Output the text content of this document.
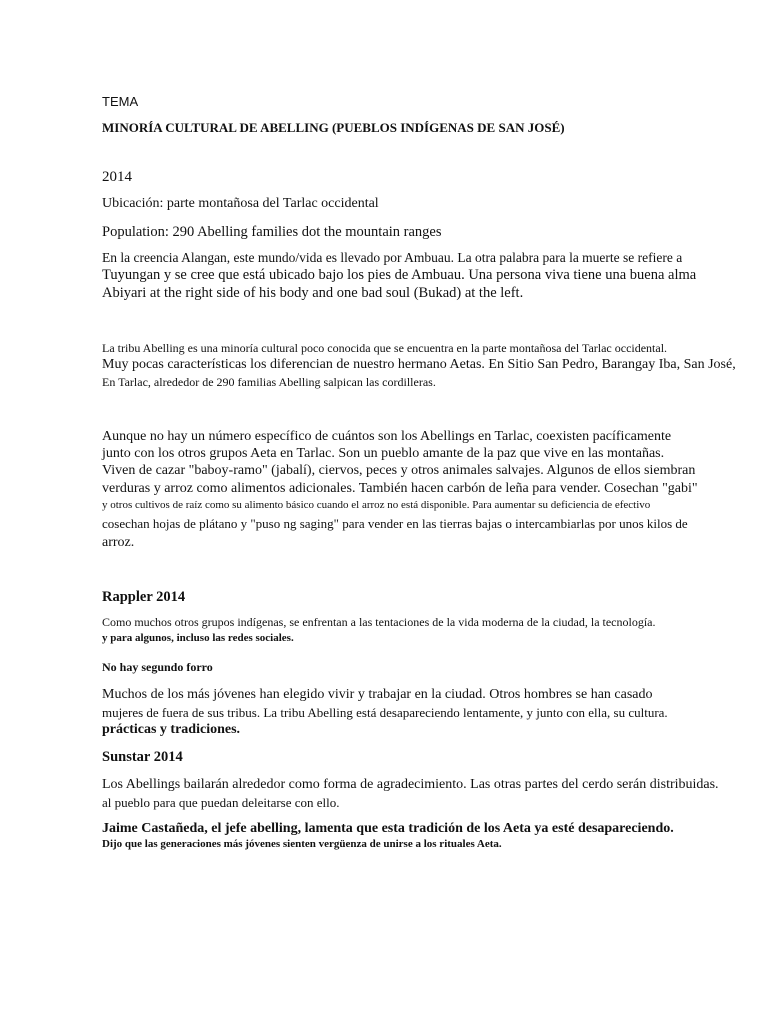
TEMA

MINORÍA CULTURAL DE ABELLING (PUEBLOS INDÍGENAS DE SAN JOSÉ)

2014

Ubicación: parte montañosa del Tarlac occidental

Population: 290 Abelling families dot the mountain ranges

En la creencia Alangan, este mundo/vida es llevado por Ambuau. La otra palabra para la muerte se refiere a

Tuyungan y se cree que está ubicado bajo los pies de Ambuau. Una persona viva tiene una buena alma

Abiyari at the right side of his body and one bad soul (Bukad) at the left.

La tribu Abelling es una minoría cultural poco conocida que se encuentra en la parte montañosa del Tarlac occidental.

Muy pocas características los diferencian de nuestro hermano Aetas. En Sitio San Pedro, Barangay Iba, San José,

En Tarlac, alrededor de 290 familias Abelling salpican las cordilleras.

Aunque no hay un número específico de cuántos son los Abellings en Tarlac, coexisten pacíficamente

junto con los otros grupos Aeta en Tarlac. Son un pueblo amante de la paz que vive en las montañas.

Viven de cazar "baboy-ramo" (jabalí), ciervos, peces y otros animales salvajes. Algunos de ellos siembran

verduras y arroz como alimentos adicionales. También hacen carbón de leña para vender. Cosechan "gabi"

y otros cultivos de raíz como su alimento básico cuando el arroz no está disponible. Para aumentar su deficiencia de efectivo

cosechan hojas de plátano y "puso ng saging" para vender en las tierras bajas o intercambiarlas por unos kilos de

arroz.

Rappler 2014

Como muchos otros grupos indígenas, se enfrentan a las tentaciones de la vida moderna de la ciudad, la tecnología.

y para algunos, incluso las redes sociales.

No hay segundo forro

Muchos de los más jóvenes han elegido vivir y trabajar en la ciudad. Otros hombres se han casado

mujeres de fuera de sus tribus. La tribu Abelling está desapareciendo lentamente, y junto con ella, su cultura.

prácticas y tradiciones.

Sunstar 2014

Los Abellings bailarán alrededor como forma de agradecimiento. Las otras partes del cerdo serán distribuidas.

al pueblo para que puedan deleitarse con ello.

Jaime Castañeda, el jefe abelling, lamenta que esta tradición de los Aeta ya esté desapareciendo.

Dijo que las generaciones más jóvenes sienten vergüenza de unirse a los rituales Aeta.
